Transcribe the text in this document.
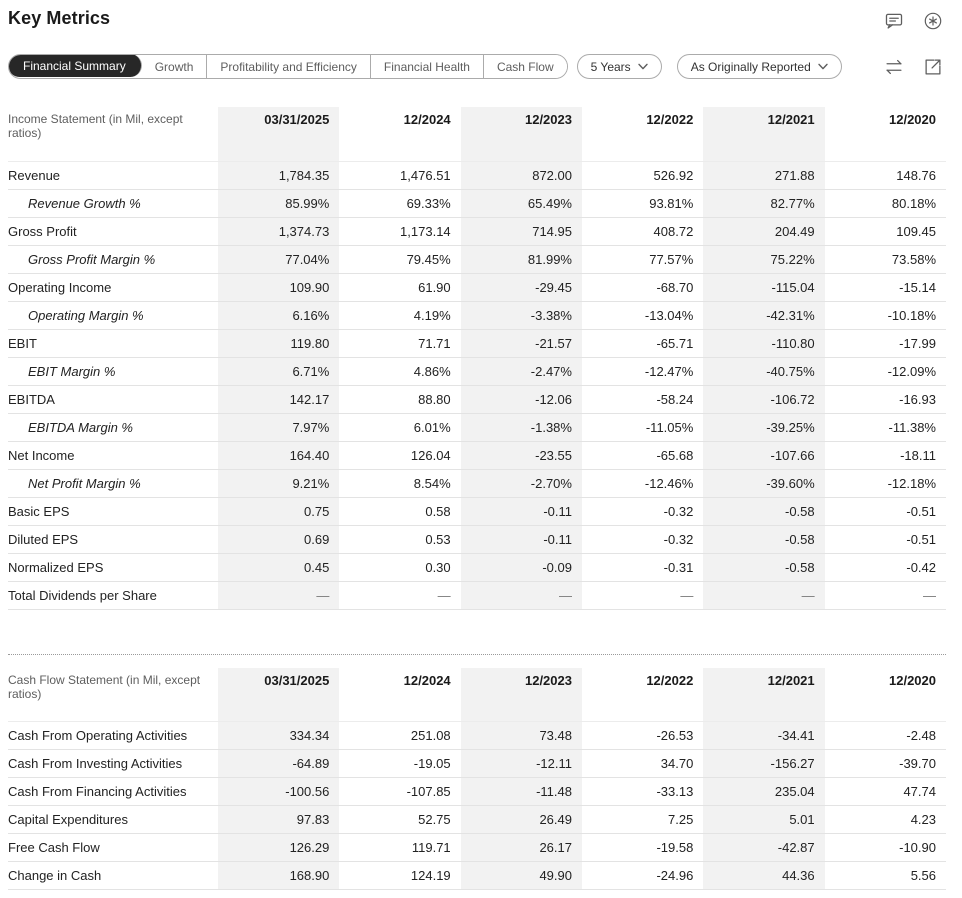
Key Metrics
Financial Summary	Growth	Profitability and Efficiency	Financial Health	Cash Flow	5 Years	As Originally Reported
Income Statement (in Mil, except ratios)	03/31/2025	12/2024	12/2023	12/2022	12/2021	12/2020
Revenue	1,784.35	1,476.51	872.00	526.92	271.88	148.76
Revenue Growth %	85.99%	69.33%	65.49%	93.81%	82.77%	80.18%
Gross Profit	1,374.73	1,173.14	714.95	408.72	204.49	109.45
Gross Profit Margin %	77.04%	79.45%	81.99%	77.57%	75.22%	73.58%
Operating Income	109.90	61.90	-29.45	-68.70	-115.04	-15.14
Operating Margin %	6.16%	4.19%	-3.38%	-13.04%	-42.31%	-10.18%
EBIT	119.80	71.71	-21.57	-65.71	-110.80	-17.99
EBIT Margin %	6.71%	4.86%	-2.47%	-12.47%	-40.75%	-12.09%
EBITDA	142.17	88.80	-12.06	-58.24	-106.72	-16.93
EBITDA Margin %	7.97%	6.01%	-1.38%	-11.05%	-39.25%	-11.38%
Net Income	164.40	126.04	-23.55	-65.68	-107.66	-18.11
Net Profit Margin %	9.21%	8.54%	-2.70%	-12.46%	-39.60%	-12.18%
Basic EPS	0.75	0.58	-0.11	-0.32	-0.58	-0.51
Diluted EPS	0.69	0.53	-0.11	-0.32	-0.58	-0.51
Normalized EPS	0.45	0.30	-0.09	-0.31	-0.58	-0.42
Total Dividends per Share	—	—	—	—	—	—
Cash Flow Statement (in Mil, except ratios)	03/31/2025	12/2024	12/2023	12/2022	12/2021	12/2020
Cash From Operating Activities	334.34	251.08	73.48	-26.53	-34.41	-2.48
Cash From Investing Activities	-64.89	-19.05	-12.11	34.70	-156.27	-39.70
Cash From Financing Activities	-100.56	-107.85	-11.48	-33.13	235.04	47.74
Capital Expenditures	97.83	52.75	26.49	7.25	5.01	4.23
Free Cash Flow	126.29	119.71	26.17	-19.58	-42.87	-10.90
Change in Cash	168.90	124.19	49.90	-24.96	44.36	5.56
